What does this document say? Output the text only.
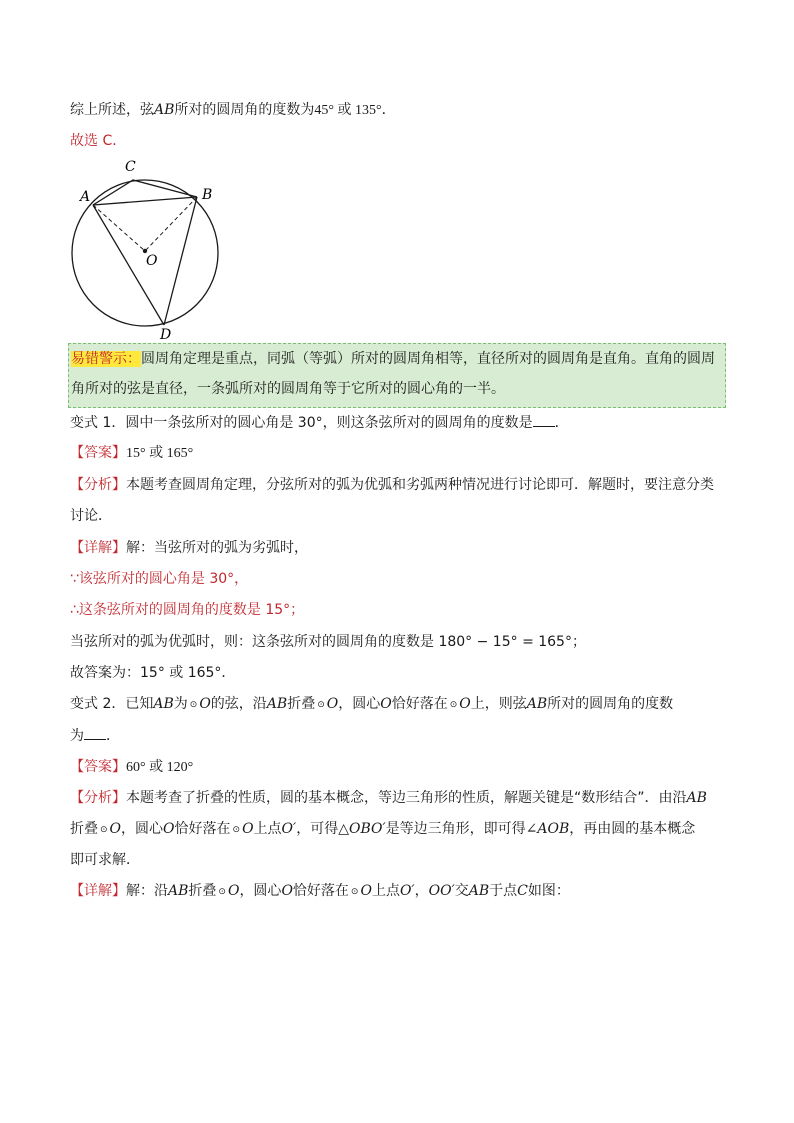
综上所述，弦AB所对的圆周角的度数为45° 或 135°．
故选 C．
A
C
B
O
D
易错警示：圆周角定理是重点，同弧（等弧）所对的圆周角相等，直径所对的圆周角是直角。直角的圆周
角所对的弦是直径，一条弧所对的圆周角等于它所对的圆心角的一半。
变式 1．圆中一条弦所对的圆心角是 30°，则这条弦所对的圆周角的度数是 ．
【答案】15° 或 165°
【分析】本题考查圆周角定理，分弦所对的弧为优弧和劣弧两种情况进行讨论即可．解题时，要注意分类
讨论．
【详解】解：当弦所对的弧为劣弧时，
∵该弦所对的圆心角是 30°，
∴这条弦所对的圆周角的度数是 15°；
当弦所对的弧为优弧时，则：这条弦所对的圆周角的度数是 180° − 15° = 165°；
故答案为：15° 或 165°．
变式 2．已知AB为 ⊙ O的弦，沿AB折叠 ⊙ O，圆心O恰好落在 ⊙ O上，则弦AB所对的圆周角的度数
为 ．
【答案】60° 或 120°
【分析】本题考查了折叠的性质，圆的基本概念，等边三角形的性质，解题关键是“数形结合”．由沿AB
折叠 ⊙ O，圆心O恰好落在 ⊙ O上点O′，可得△OBO′是等边三角形，即可得∠AOB，再由圆的基本概念
即可求解．
【详解】解：沿AB折叠 ⊙ O，圆心O恰好落在 ⊙ O上点O′，OO′交AB于点C如图：
